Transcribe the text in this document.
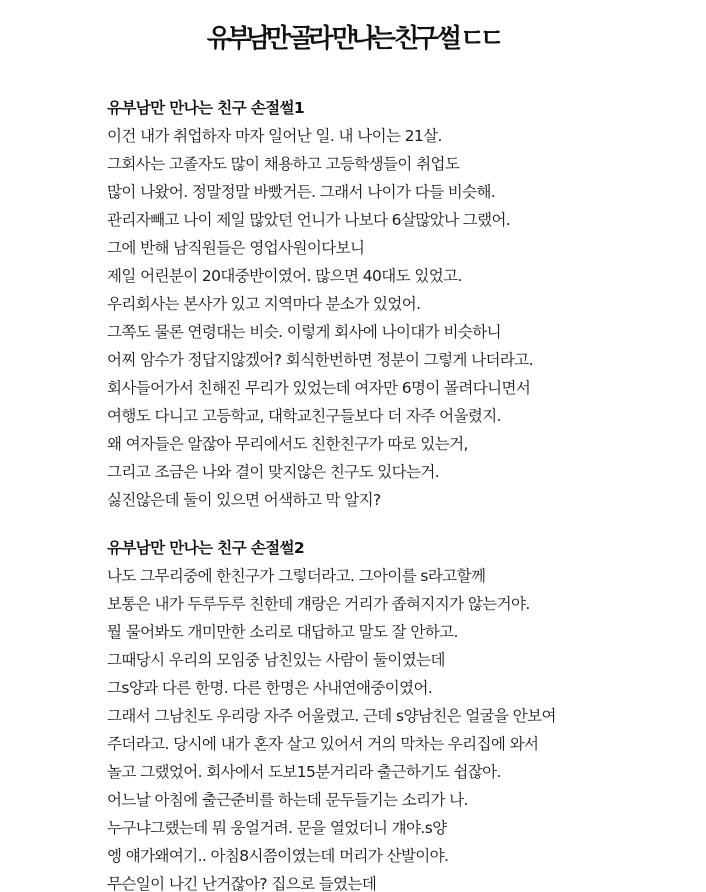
유부남만 골라 만나는 친구 썰 ㄷㄷ
유부남만 만나는 친구 손절썰1
이건 내가 취업하자 마자 일어난 일. 내 나이는 21살.
그회사는 고졸자도 많이 채용하고 고등학생들이 취업도
많이 나왔어. 정말정말 바빴거든. 그래서 나이가 다들 비슷해.
관리자빼고 나이 제일 많았던 언니가 나보다 6살많았나 그랬어.
그에 반해 남직원들은 영업사원이다보니
제일 어린분이 20대중반이였어. 많으면 40대도 있었고.
우리회사는 본사가 있고 지역마다 분소가 있었어.
그쪽도 물론 연령대는 비슷. 이렇게 회사에 나이대가 비슷하니
어찌 암수가 정답지않겠어? 회식한번하면 정분이 그렇게 나더라고.
회사들어가서 친해진 무리가 있었는데 여자만 6명이 몰려다니면서
여행도 다니고 고등학교, 대학교친구들보다 더 자주 어울렸지.
왜 여자들은 알잖아 무리에서도 친한친구가 따로 있는거,
그리고 조금은 나와 결이 맞지않은 친구도 있다는거.
싫진않은데 둘이 있으면 어색하고 막 알지?
유부남만 만나는 친구 손절썰2
나도 그무리중에 한친구가 그렇더라고. 그아이를 s라고할께
보통은 내가 두루두루 친한데 걔랑은 거리가 좁혀지지가 않는거야.
뭘 물어봐도 개미만한 소리로 대답하고 말도 잘 안하고.
그때당시 우리의 모임중 남친있는 사람이 둘이였는데
그s양과 다른 한명. 다른 한명은 사내연애중이였어.
그래서 그남친도 우리랑 자주 어울렸고. 근데 s양남친은 얼굴을 안보여
주더라고. 당시에 내가 혼자 살고 있어서 거의 막차는 우리집에 와서
놀고 그랬었어. 회사에서 도보15분거리라 출근하기도 쉽잖아.
어느날 아침에 출근준비를 하는데 문두들기는 소리가 나.
누구냐그랬는데 뭐 웅얼거려. 문을 열었더니 걔야.s양
엥 얘가왜여기.. 아침8시쯤이였는데 머리가 산발이야.
무슨일이 나긴 난거잖아? 집으로 들였는데
